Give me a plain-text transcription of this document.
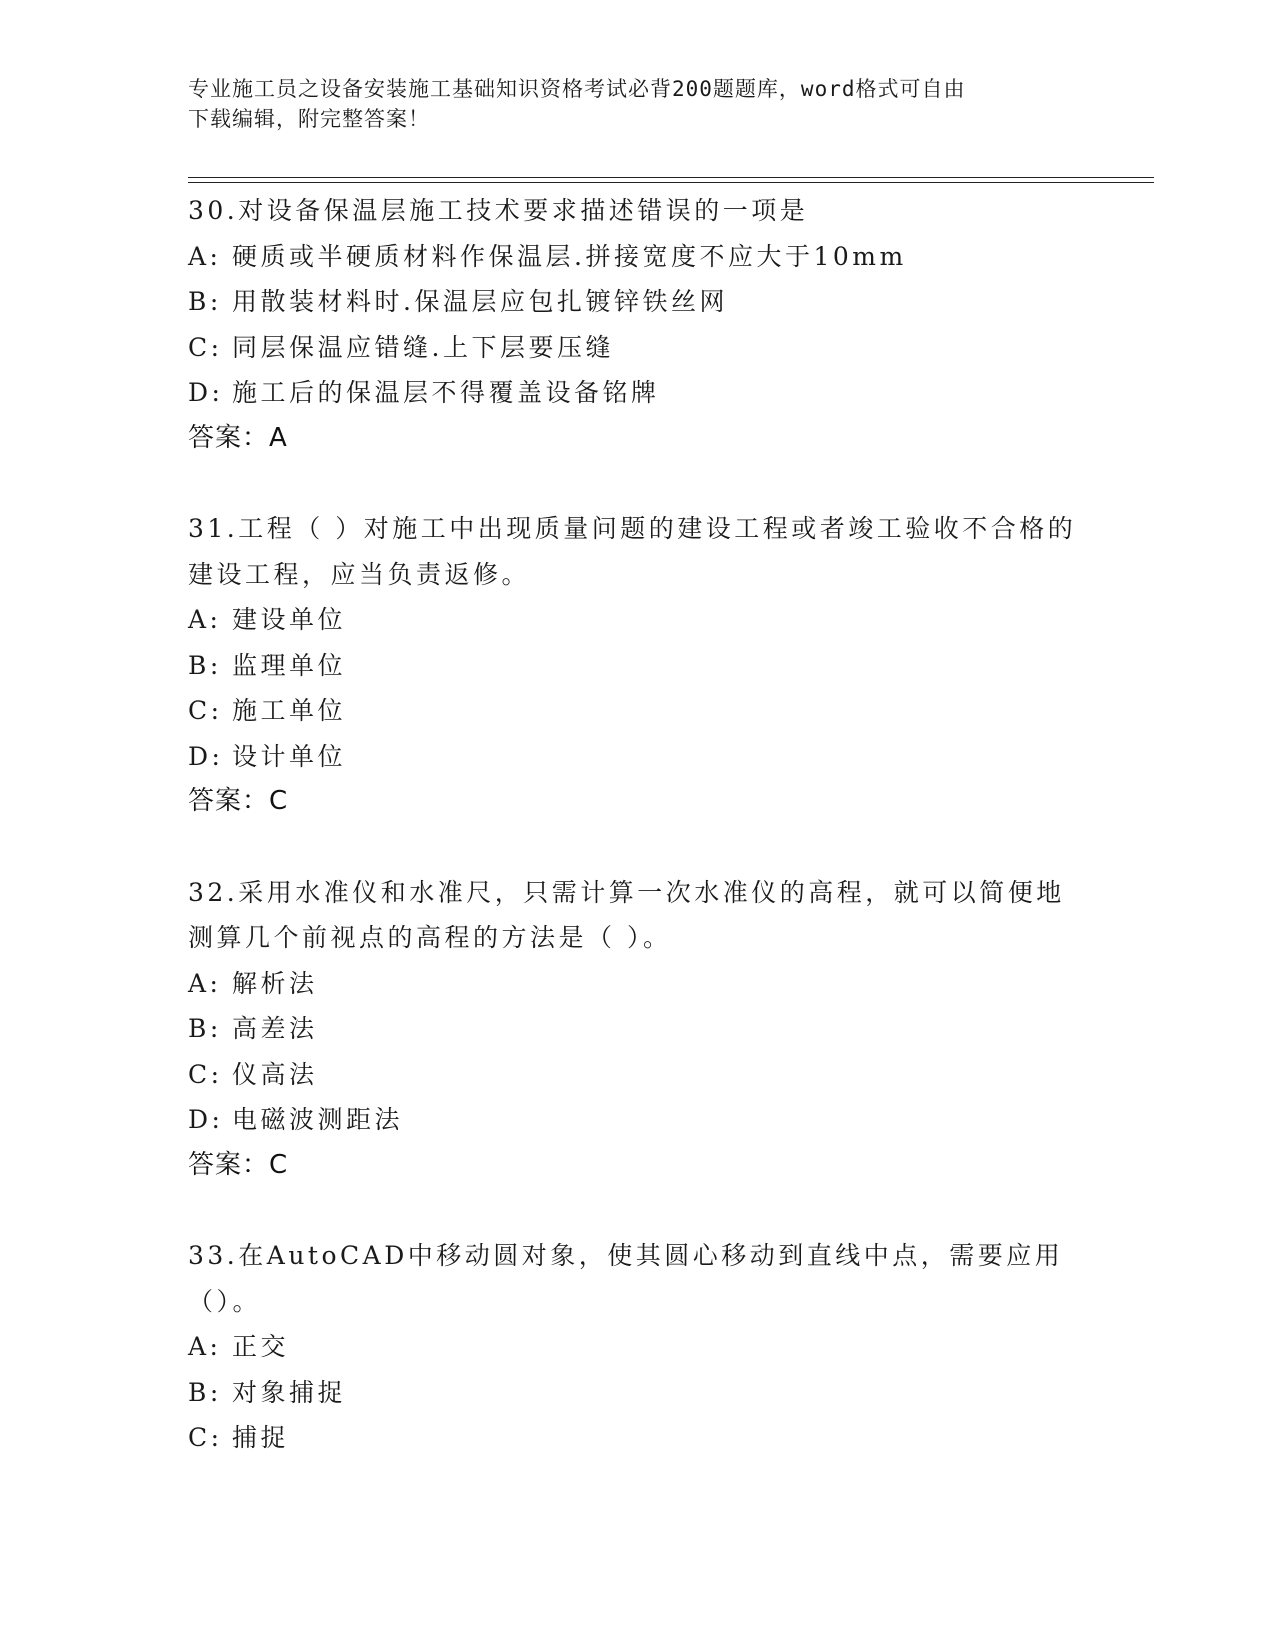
专业施工员之设备安装施工基础知识资格考试必背200题题库，word格式可自由
下载编辑，附完整答案！

30.对设备保温层施工技术要求描述错误的一项是

A: 硬质或半硬质材料作保温层.拼接宽度不应大于10mm
B: 用散装材料时.保温层应包扎镀锌铁丝网
C: 同层保温应错缝.上下层要压缝
D: 施工后的保温层不得覆盖设备铭牌
答案：A

31.工程（ ）对施工中出现质量问题的建设工程或者竣工验收不合格的建设工程，应当负责返修。

A: 建设单位
B: 监理单位
C: 施工单位
D: 设计单位
答案：C

32.采用水准仪和水准尺，只需计算一次水准仪的高程，就可以简便地测算几个前视点的高程的方法是（ ）。

A: 解析法
B: 高差法
C: 仪高法
D: 电磁波测距法
答案：C

33.在AutoCAD中移动圆对象，使其圆心移动到直线中点，需要应用（）。

A: 正交
B: 对象捕捉
C: 捕捉
